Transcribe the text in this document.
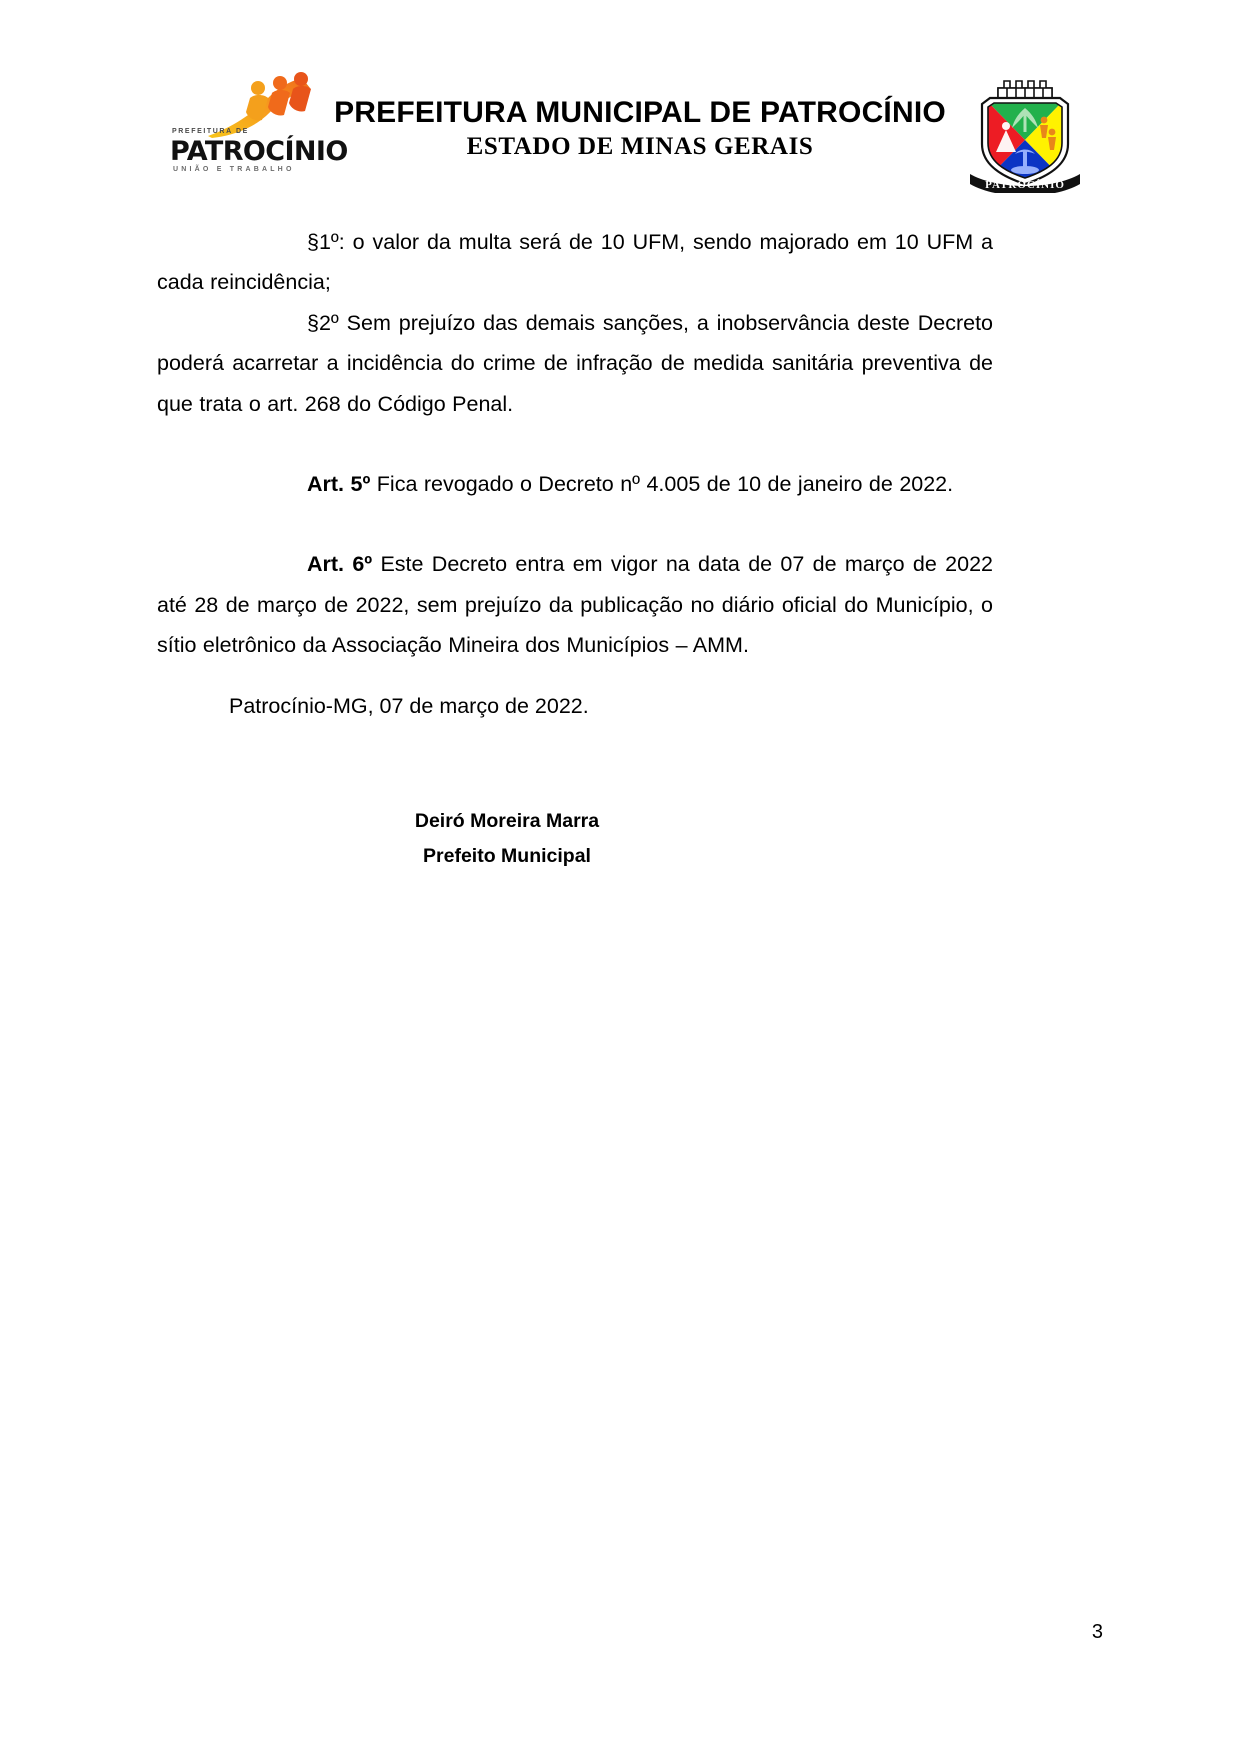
PREFEITURA DE
PATROCÍNIO
UNIÃO E TRABALHO
PREFEITURA MUNICIPAL DE PATROCÍNIO
ESTADO DE MINAS GERAIS
PATROCÍNIO

§1º: o valor da multa será de 10 UFM, sendo majorado em 10 UFM a cada reincidência;

§2º Sem prejuízo das demais sanções, a inobservância deste Decreto poderá acarretar a incidência do crime de infração de medida sanitária preventiva de que trata o art. 268 do Código Penal.

Art. 5º Fica revogado o Decreto nº 4.005 de 10 de janeiro de 2022.

Art. 6º Este Decreto entra em vigor na data de 07 de março de 2022 até 28 de março de 2022, sem prejuízo da publicação no diário oficial do Município, o sítio eletrônico da Associação Mineira dos Municípios – AMM.

Patrocínio-MG, 07 de março de 2022.

Deiró Moreira Marra
Prefeito Municipal
3
